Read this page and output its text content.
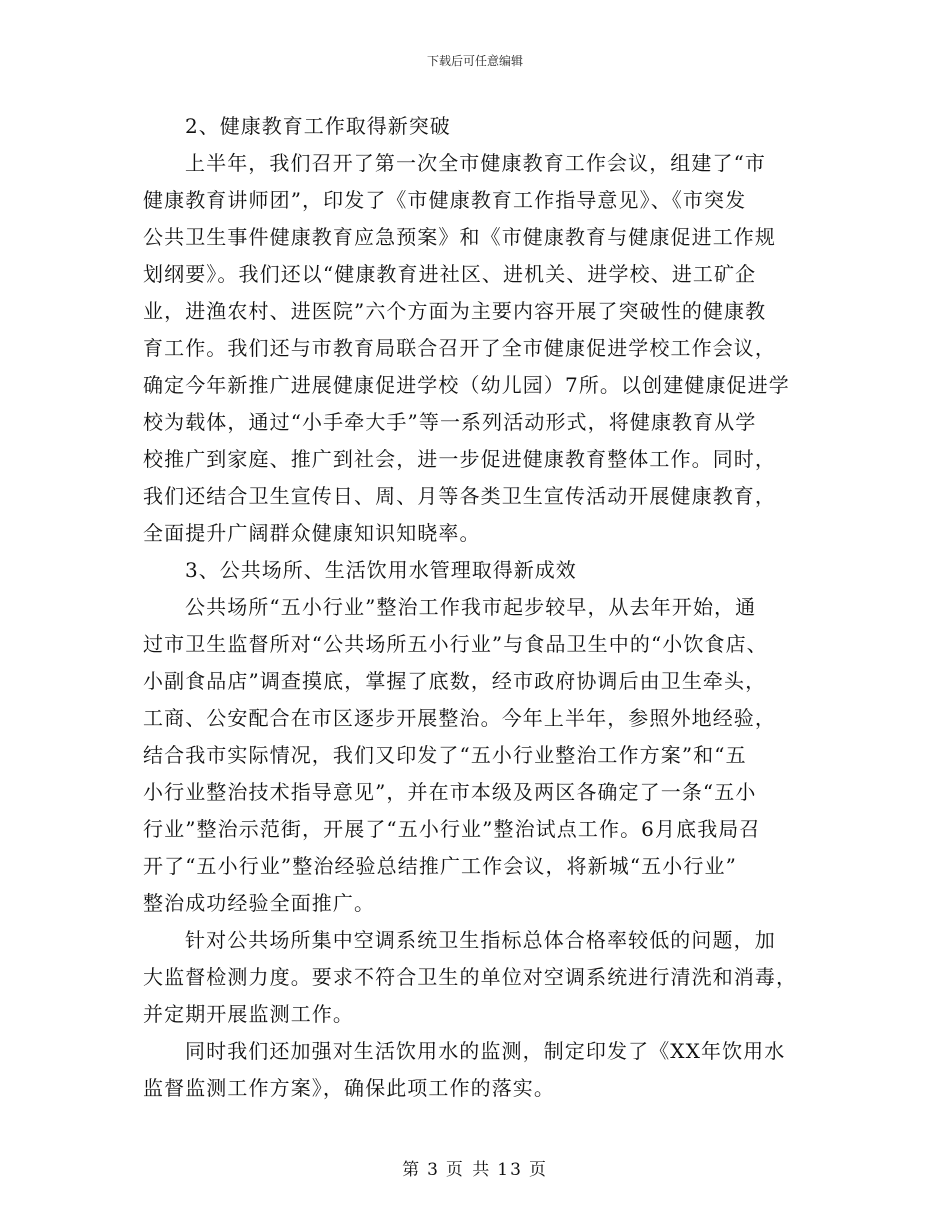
下载后可任意编辑
2、健康教育工作取得新突破

上半年，我们召开了第一次全市健康教育工作会议，组建了“市
健康教育讲师团”，印发了《市健康教育工作指导意见》、《市突发
公共卫生事件健康教育应急预案》和《市健康教育与健康促进工作规
划纲要》。我们还以“健康教育进社区、进机关、进学校、进工矿企
业，进渔农村、进医院”六个方面为主要内容开展了突破性的健康教
育工作。我们还与市教育局联合召开了全市健康促进学校工作会议，
确定今年新推广进展健康促进学校（幼儿园）7所。以创建健康促进学
校为载体，通过“小手牵大手”等一系列活动形式，将健康教育从学
校推广到家庭、推广到社会，进一步促进健康教育整体工作。同时，
我们还结合卫生宣传日、周、月等各类卫生宣传活动开展健康教育，
全面提升广阔群众健康知识知晓率。

3、公共场所、生活饮用水管理取得新成效

公共场所“五小行业”整治工作我市起步较早，从去年开始，通
过市卫生监督所对“公共场所五小行业”与食品卫生中的“小饮食店、
小副食品店”调查摸底，掌握了底数，经市政府协调后由卫生牵头，
工商、公安配合在市区逐步开展整治。今年上半年，参照外地经验，
结合我市实际情况，我们又印发了“五小行业整治工作方案”和“五
小行业整治技术指导意见”，并在市本级及两区各确定了一条“五小
行业”整治示范街，开展了“五小行业”整治试点工作。6月底我局召
开了“五小行业”整治经验总结推广工作会议，将新城“五小行业”
整治成功经验全面推广。

针对公共场所集中空调系统卫生指标总体合格率较低的问题，加
大监督检测力度。要求不符合卫生的单位对空调系统进行清洗和消毒，
并定期开展监测工作。

同时我们还加强对生活饮用水的监测，制定印发了《XX年饮用水
监督监测工作方案》，确保此项工作的落实。

第 3 页 共 13 页
